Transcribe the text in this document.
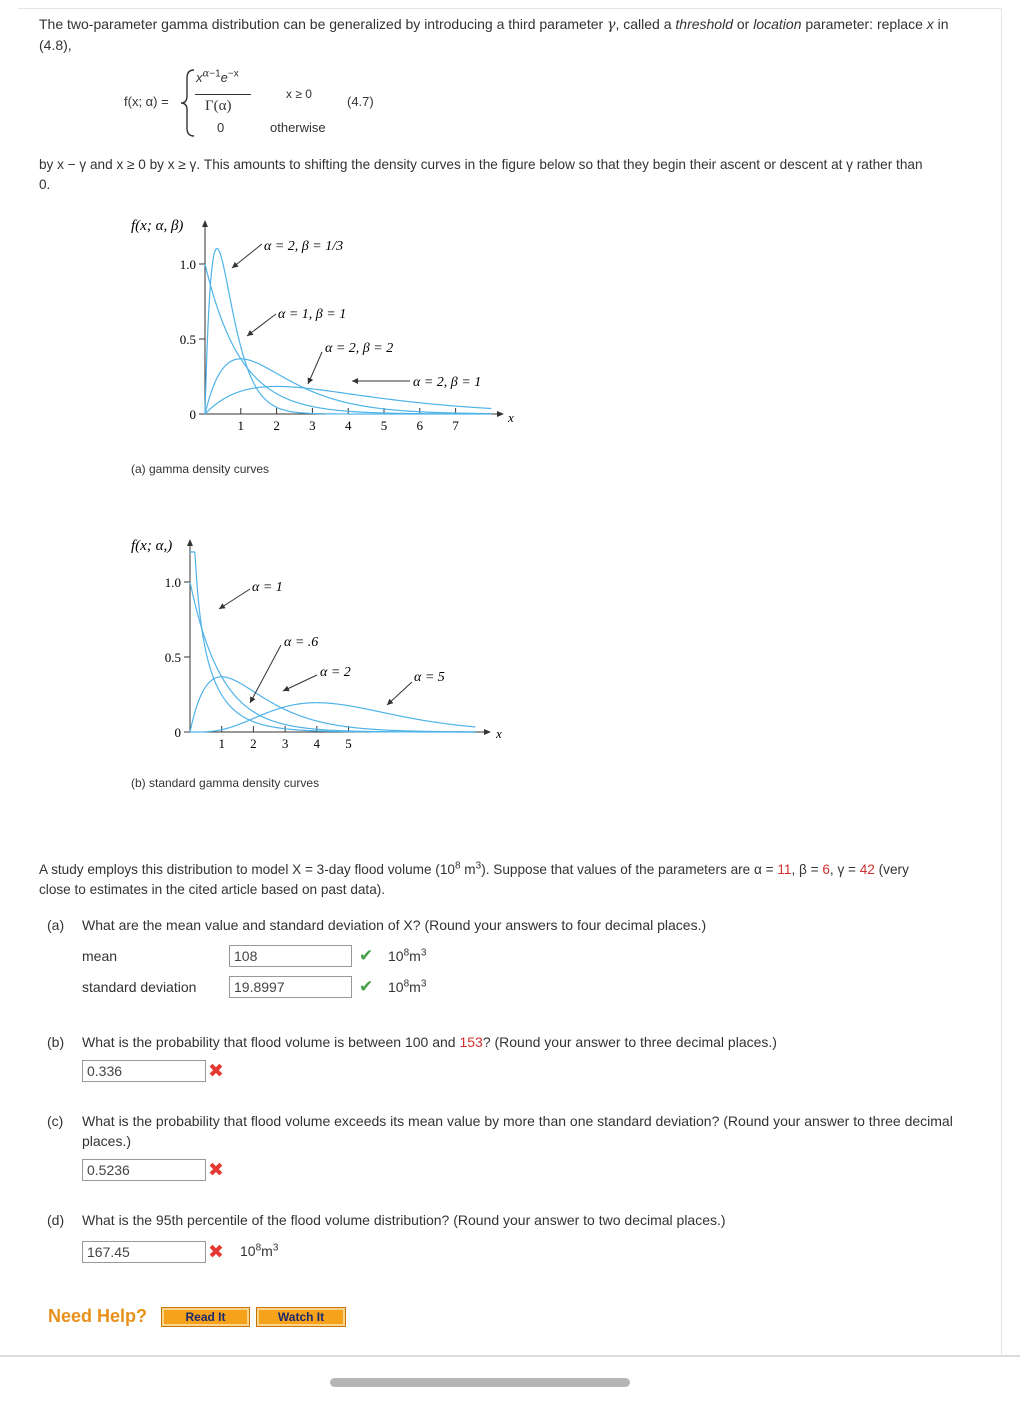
The two-parameter gamma distribution can be generalized by introducing a third parameter γ, called a threshold or location parameter: replace x in
(4.8),
f(x; α) =
$x^{\alpha-1}e^{-x}$
Γ(α)
0
x ≥ 0
otherwise
(4.7)
by x − γ and x ≥ 0 by x ≥ γ. This amounts to shifting the density curves in the figure below so that they begin their ascent or descent at γ rather than
0.
f(x; α, β)
x
1 2 3 4 5 6 7
0
0.5
1.0
α = 2, β = 1/3
α = 1, β = 1
α = 2, β = 2
α = 2, β = 1
(a) gamma density curves
f(x; α,)
x
1 2 3 4 5
0
0.5
1.0	α = 1
α = .6
α = 2	α = 5
(b) standard gamma density curves
A study employs this distribution to model X = 3-day flood volume ($10^8$ $m^3$). Suppose that values of the parameters are α = 11, β = 6, γ = 42 (very
close to estimates in the cited article based on past data).
(a) What are the mean value and standard deviation of X? (Round your answers to four decimal places.)
mean	108	✔ $10^8m^3$
standard deviation	19.8997	✔ $10^8m^3$
(b) What is the probability that flood volume is between 100 and 153? (Round your answer to three decimal places.)
0.336	✖
(c) What is the probability that flood volume exceeds its mean value by more than one standard deviation? (Round your answer to three decimal
places.)
0.5236	✖
(d) What is the 95th percentile of the flood volume distribution? (Round your answer to two decimal places.)
167.45	✖ $10^8m^3$
Need Help?	Read It	Watch It
